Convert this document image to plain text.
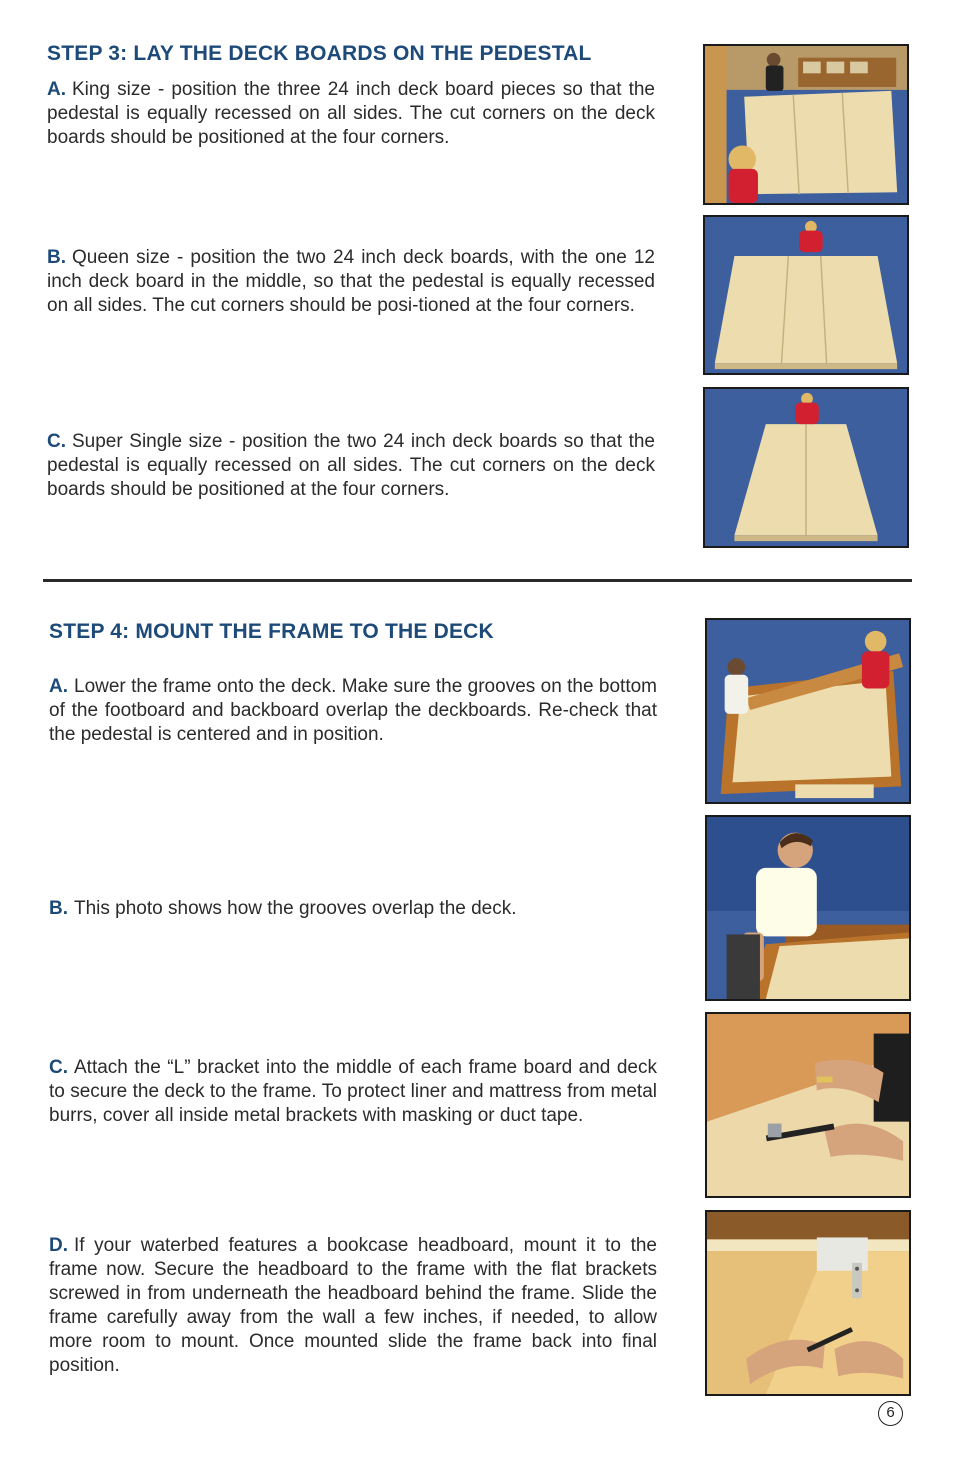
STEP 3: LAY THE DECK BOARDS ON THE PEDESTAL

A. King size - position the three 24 inch deck board pieces so that the pedestal is equally recessed on all sides. The cut corners on the deck boards should be positioned at the four corners.

B. Queen size - position the two 24 inch deck boards, with the one 12 inch deck board in the middle, so that the pedestal is equally recessed on all sides. The cut corners should be posi-tioned at the four corners.

C. Super Single size - position the two 24 inch deck boards so that the pedestal is equally recessed on all sides. The cut corners on the deck boards should be positioned at the four corners.

STEP 4: MOUNT THE FRAME TO THE DECK

A. Lower the frame onto the deck. Make sure the grooves on the bottom of the footboard and backboard overlap the deckboards. Re-check that the pedestal is centered and in position.

B. This photo shows how the grooves overlap the deck.

C. Attach the “L” bracket into the middle of each frame board and deck to secure the deck to the frame. To protect liner and mattress from metal burrs, cover all inside metal brackets with masking or duct tape.

D. If your waterbed features a bookcase headboard, mount it to the frame now. Secure the headboard to the frame with the flat brackets screwed in from underneath the headboard behind the frame. Slide the frame carefully away from the wall a few inches, if needed, to allow more room to mount. Once mounted slide the frame back into final position.

6
